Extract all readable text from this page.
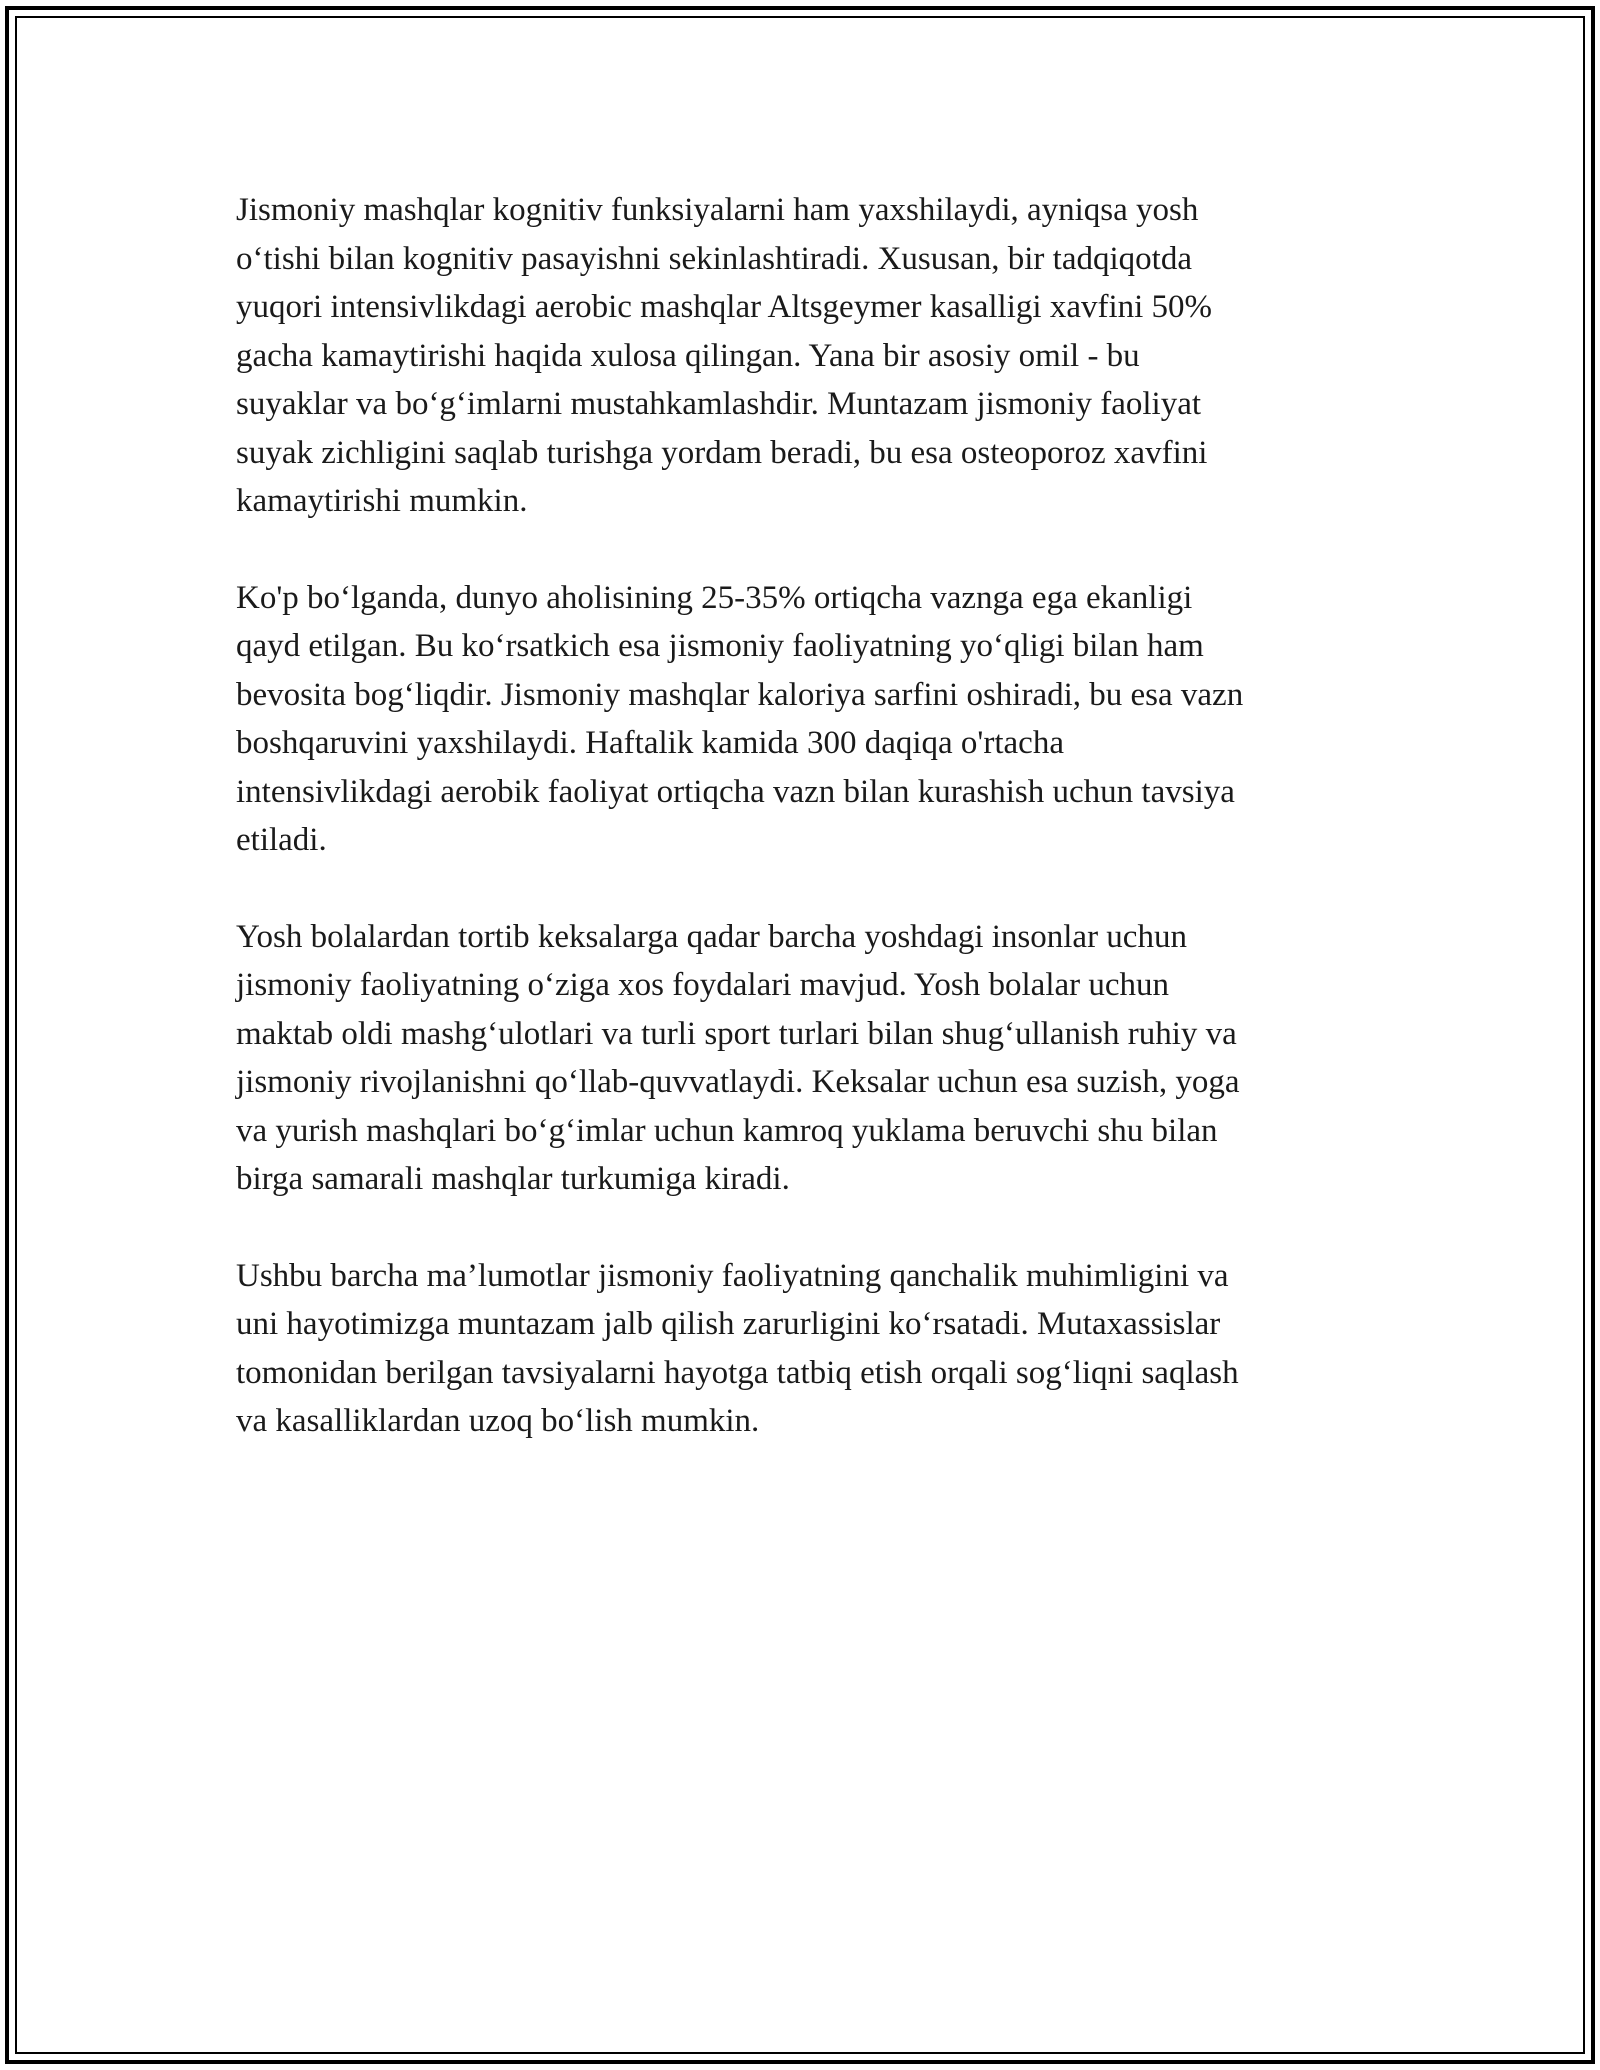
Jismoniy mashqlar kognitiv funksiyalarni ham yaxshilaydi, ayniqsa yosh
o‘tishi bilan kognitiv pasayishni sekinlashtiradi. Xususan, bir tadqiqotda
yuqori intensivlikdagi aerobic mashqlar Altsgeymer kasalligi xavfini 50%
gacha kamaytirishi haqida xulosa qilingan. Yana bir asosiy omil - bu
suyaklar va bo‘g‘imlarni mustahkamlashdir. Muntazam jismoniy faoliyat
suyak zichligini saqlab turishga yordam beradi, bu esa osteoporoz xavfini
kamaytirishi mumkin.

Ko'p bo‘lganda, dunyo aholisining 25-35% ortiqcha vaznga ega ekanligi
qayd etilgan. Bu ko‘rsatkich esa jismoniy faoliyatning yo‘qligi bilan ham
bevosita bog‘liqdir. Jismoniy mashqlar kaloriya sarfini oshiradi, bu esa vazn
boshqaruvini yaxshilaydi. Haftalik kamida 300 daqiqa o'rtacha
intensivlikdagi aerobik faoliyat ortiqcha vazn bilan kurashish uchun tavsiya
etiladi.

Yosh bolalardan tortib keksalarga qadar barcha yoshdagi insonlar uchun
jismoniy faoliyatning o‘ziga xos foydalari mavjud. Yosh bolalar uchun
maktab oldi mashg‘ulotlari va turli sport turlari bilan shug‘ullanish ruhiy va
jismoniy rivojlanishni qo‘llab-quvvatlaydi. Keksalar uchun esa suzish, yoga
va yurish mashqlari bo‘g‘imlar uchun kamroq yuklama beruvchi shu bilan
birga samarali mashqlar turkumiga kiradi.

Ushbu barcha ma’lumotlar jismoniy faoliyatning qanchalik muhimligini va
uni hayotimizga muntazam jalb qilish zarurligini ko‘rsatadi. Mutaxassislar
tomonidan berilgan tavsiyalarni hayotga tatbiq etish orqali sog‘liqni saqlash
va kasalliklardan uzoq bo‘lish mumkin.
